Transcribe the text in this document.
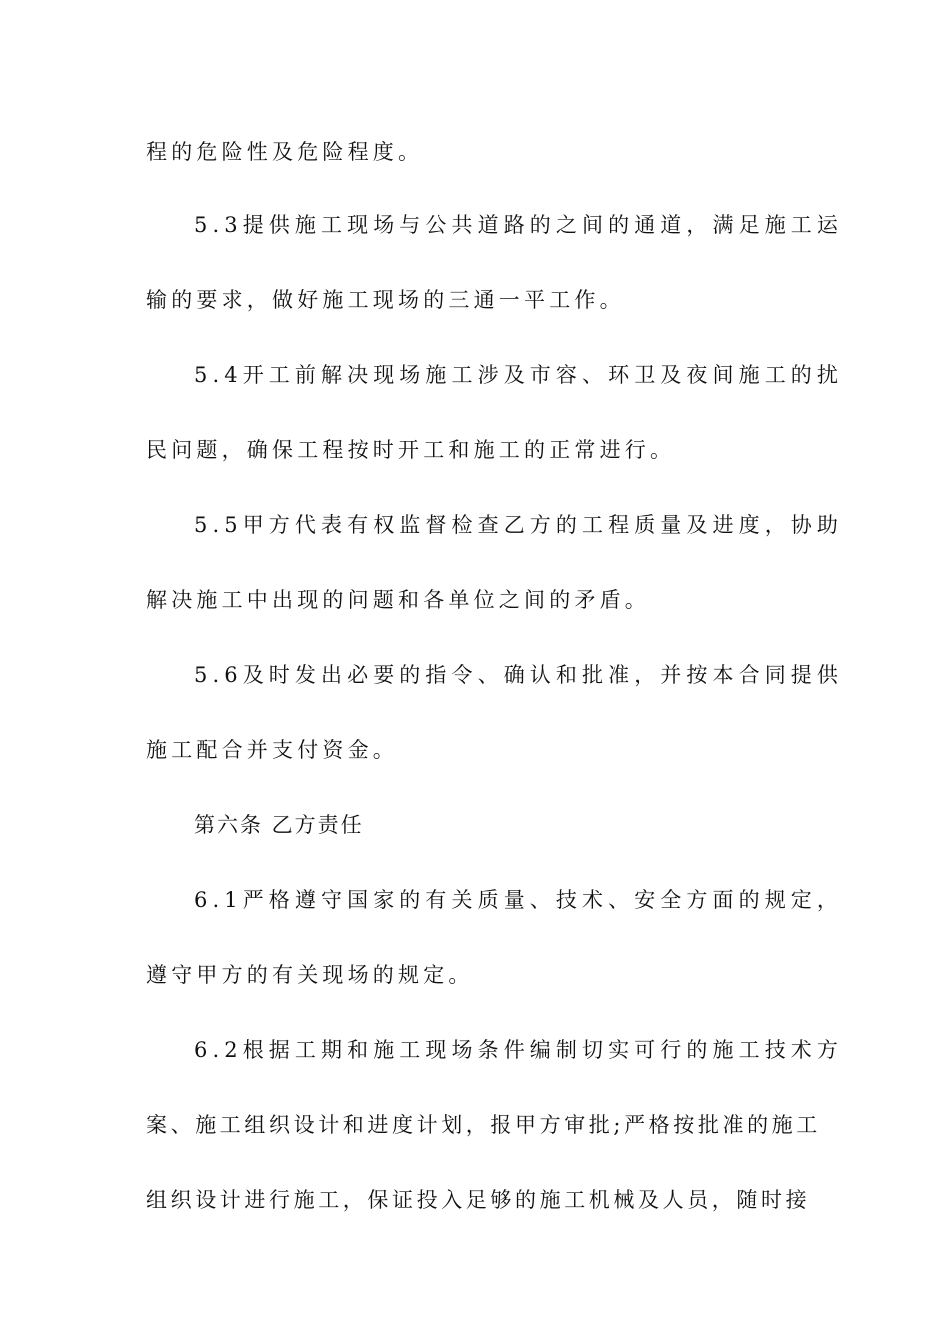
程的危险性及危险程度。
5.3提供施工现场与公共道路的之间的通道，满足施工运
输的要求，做好施工现场的三通一平工作。
5.4开工前解决现场施工涉及市容、环卫及夜间施工的扰
民问题，确保工程按时开工和施工的正常进行。
5.5甲方代表有权监督检查乙方的工程质量及进度，协助
解决施工中出现的问题和各单位之间的矛盾。
5.6及时发出必要的指令、确认和批准，并按本合同提供
施工配合并支付资金。
第六条 乙方责任
6.1严格遵守国家的有关质量、技术、安全方面的规定，
遵守甲方的有关现场的规定。
6.2根据工期和施工现场条件编制切实可行的施工技术方
案、施工组织设计和进度计划，报甲方审批;严格按批准的施工
组织设计进行施工，保证投入足够的施工机械及人员，随时接
